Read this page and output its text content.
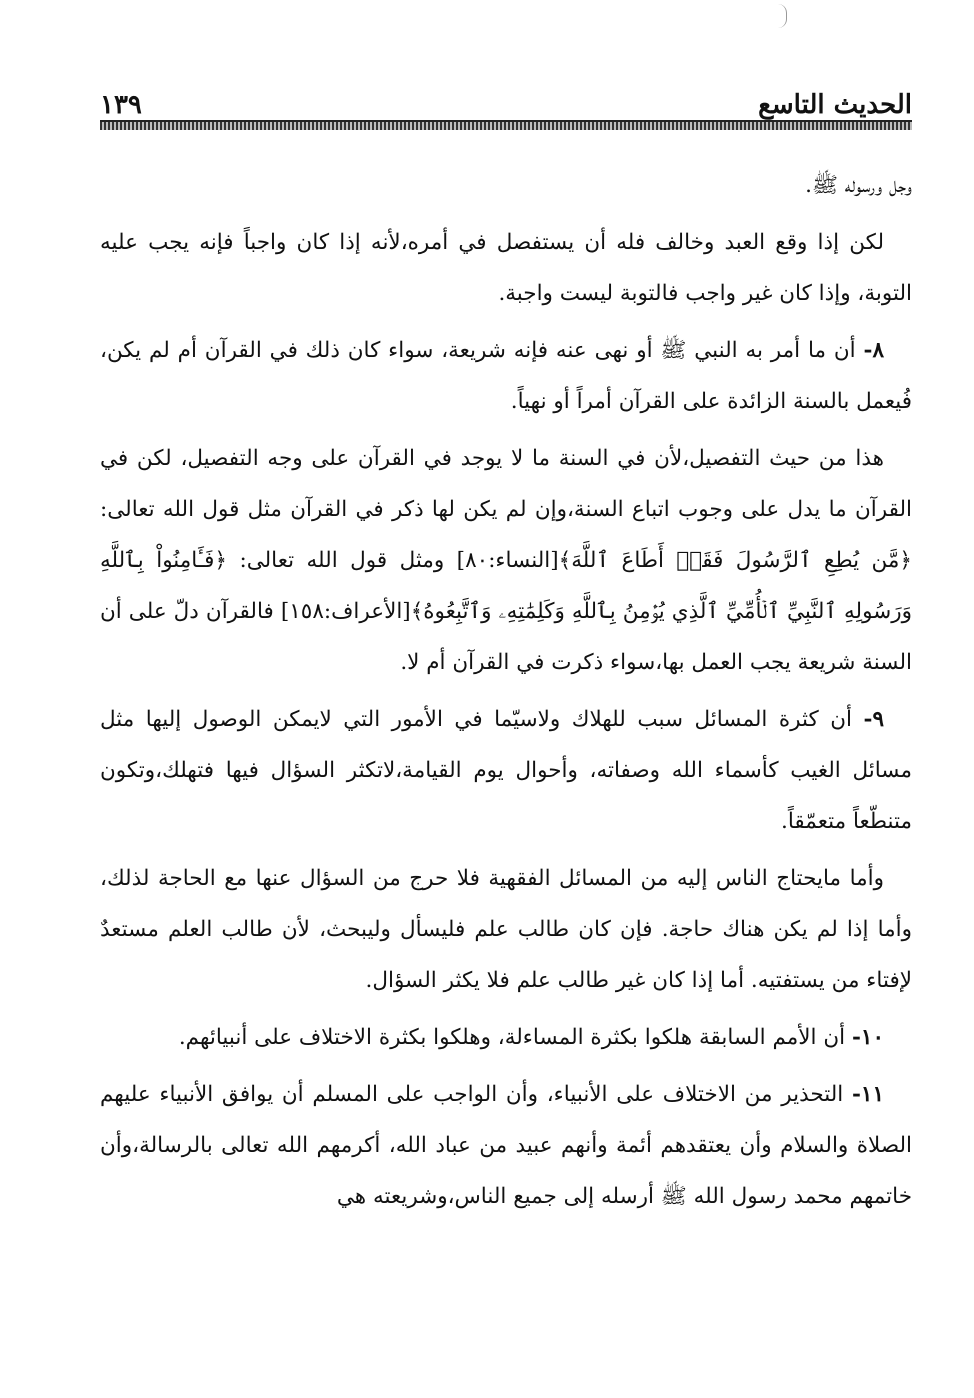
الحديث التاسع
١٣٩

وجل ورسوله ﷺ.

لكن إذا وقع العبد وخالف فله أن يستفصل في أمره،لأنه إذا كان واجباً فإنه يجب عليه التوبة، وإذا كان غير واجب فالتوبة ليست واجبة.

٨- أن ما أمر به النبي ﷺ أو نهى عنه فإنه شريعة، سواء كان ذلك في القرآن أم لم يكن، فُيعمل بالسنة الزائدة على القرآن أمراً أو نهياً.

هذا من حيث التفصيل،لأن في السنة ما لا يوجد في القرآن على وجه التفصيل، لكن في القرآن ما يدل على وجوب اتباع السنة،وإن لم يكن لها ذكر في القرآن مثل قول الله تعالى: ﴿مَّن يُطِعِ ٱلرَّسُولَ فَقَدۡ أَطَاعَ ٱللَّهَ﴾[النساء:٨٠] ومثل قول الله تعالى: ﴿فَـَٔامِنُواْ بِٱللَّهِ وَرَسُولِهِ ٱلنَّبِيِّ ٱلۡأُمِّيِّ ٱلَّذِي يُؤۡمِنُ بِٱللَّهِ وَكَلِمَٰتِهِۦ وَٱتَّبِعُوهُ﴾[الأعراف:١٥٨] فالقرآن دلّ على أن السنة شريعة يجب العمل بها،سواء ذكرت في القرآن أم لا.

٩- أن كثرة المسائل سبب للهلاك ولاسيّما في الأمور التي لايمكن الوصول إليها مثل مسائل الغيب كأسماء الله وصفاته، وأحوال يوم القيامة،لاتكثر السؤال فيها فتهلك،وتكون متنطّعاً متعمّقاً.

وأما مايحتاج الناس إليه من المسائل الفقهية فلا حرج من السؤال عنها مع الحاجة لذلك، وأما إذا لم يكن هناك حاجة. فإن كان طالب علم فليسأل وليبحث، لأن طالب العلم مستعدٌ لإفتاء من يستفتيه. أما إذا كان غير طالب علم فلا يكثر السؤال.

١٠- أن الأمم السابقة هلكوا بكثرة المساءلة، وهلكوا بكثرة الاختلاف على أنبيائهم.

١١- التحذير من الاختلاف على الأنبياء، وأن الواجب على المسلم أن يوافق الأنبياء عليهم الصلاة والسلام وأن يعتقدهم أئمة وأنهم عبيد من عباد الله، أكرمهم الله تعالى بالرسالة،وأن خاتمهم محمد رسول الله ﷺ أرسله إلى جميع الناس،وشريعته هي
